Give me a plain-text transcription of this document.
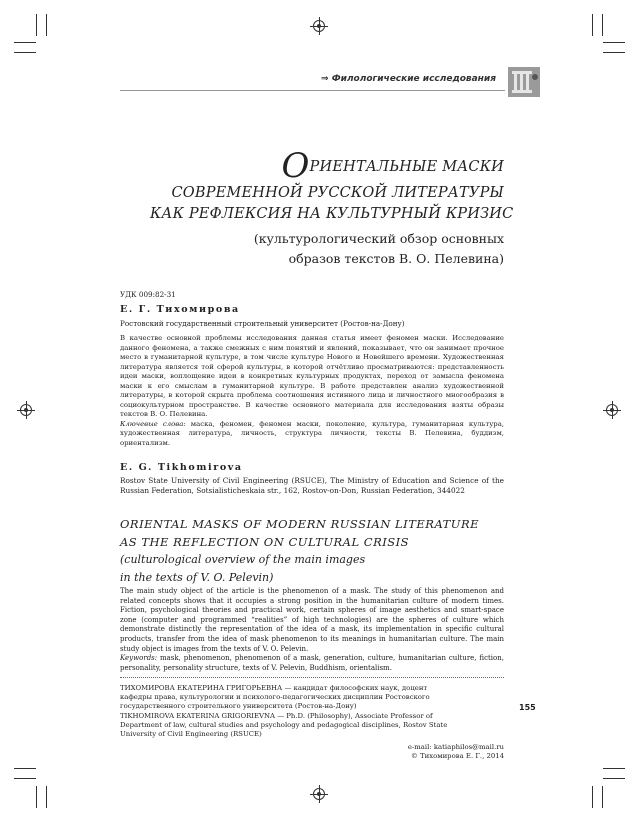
⇒ Филологические исследования
ОРИЕНТАЛЬНЫЕ МАСКИ
СОВРЕМЕННОЙ РУССКОЙ ЛИТЕРАТУРЫ
КАК РЕФЛЕКСИЯ НА КУЛЬТУРНЫЙ КРИЗИС
(культурологический обзор основных
образов текстов В. О. Пелевина)
УДК 009:82-31
Е. Г. Тихомирова
Ростовский государственный строительный университет (Ростов-на-Дону)
В качестве основной проблемы исследования данная статья имеет феномен маски. Исследование данного феномена, а также смежных с ним понятий и явлений, показывает, что он занимает прочное место в гуманитарной культуре, в том числе культуре Нового и Новейшего времени. Художественная литература является той сферой культуры, в которой отчётливо просматриваются: представленность идеи маски, воплощение идеи в конкретных культурных продуктах, переход от замысла феномена маски к его смыслам в гуманитарной культуре. В работе представлен анализ художественной литературы, в которой скрыта проблема соотношения истинного лица и личностного многообразия в социокультурном пространстве. В качестве основного материала для исследования взяты образы текстов В. О. Пелевина.
Ключевые слова: маска, феномен, феномен маски, поколение, культура, гуманитарная культура, художественная литература, личность, структура личности, тексты В. Пелевина, буддизм, ориентализм.
E. G. Tikhomirova
Rostov State University of Civil Engineering (RSUCE), The Ministry of Education and Science of the Russian Federation, Sotsialisticheskaia str., 162, Rostov-on-Don, Russian Federation, 344022
ORIENTAL MASKS OF MODERN RUSSIAN LITERATURE
AS THE REFLECTION ON CULTURAL CRISIS
(culturological overview of the main images
in the texts of V. O. Pelevin)
The main study object of the article is the phenomenon of a mask. The study of this phenomenon and related concepts shows that it occupies a strong position in the humanitarian culture of modern times. Fiction, psychological theories and practical work, certain spheres of image aesthetics and smart-space zone (computer and programmed “realities” of high technologies) are the spheres of culture which demonstrate distinctly the representation of the idea of a mask, its implementation in specific cultural products, transfer from the idea of mask phenomenon to its meanings in humanitarian culture. The main study object is images from the texts of V. O. Pelevin.
Keywords: mask, phenomenon, phenomenon of a mask, generation, culture, humanitarian culture, fiction, personality, personality structure, texts of V. Pelevin, Buddhism, orientalism.
ТИХОМИРОВА ЕКАТЕРИНА ГРИГОРЬЕВНА — кандидат философских наук, доцент кафедры права, культурологии и психолого-педагогических дисциплин Ростовского государственного строительного университета (Ростов-на-Дону)
TIKHOMIROVA EKATERINA GRIGORIEVNA — Ph.D. (Philosophy), Associate Professor of Department of law, cultural studies and psychology and pedagogical disciplines, Rostov State University of Civil Engineering (RSUCE)
155
e-mail: katiaphilos@mail.ru
© Тихомирова Е. Г., 2014
